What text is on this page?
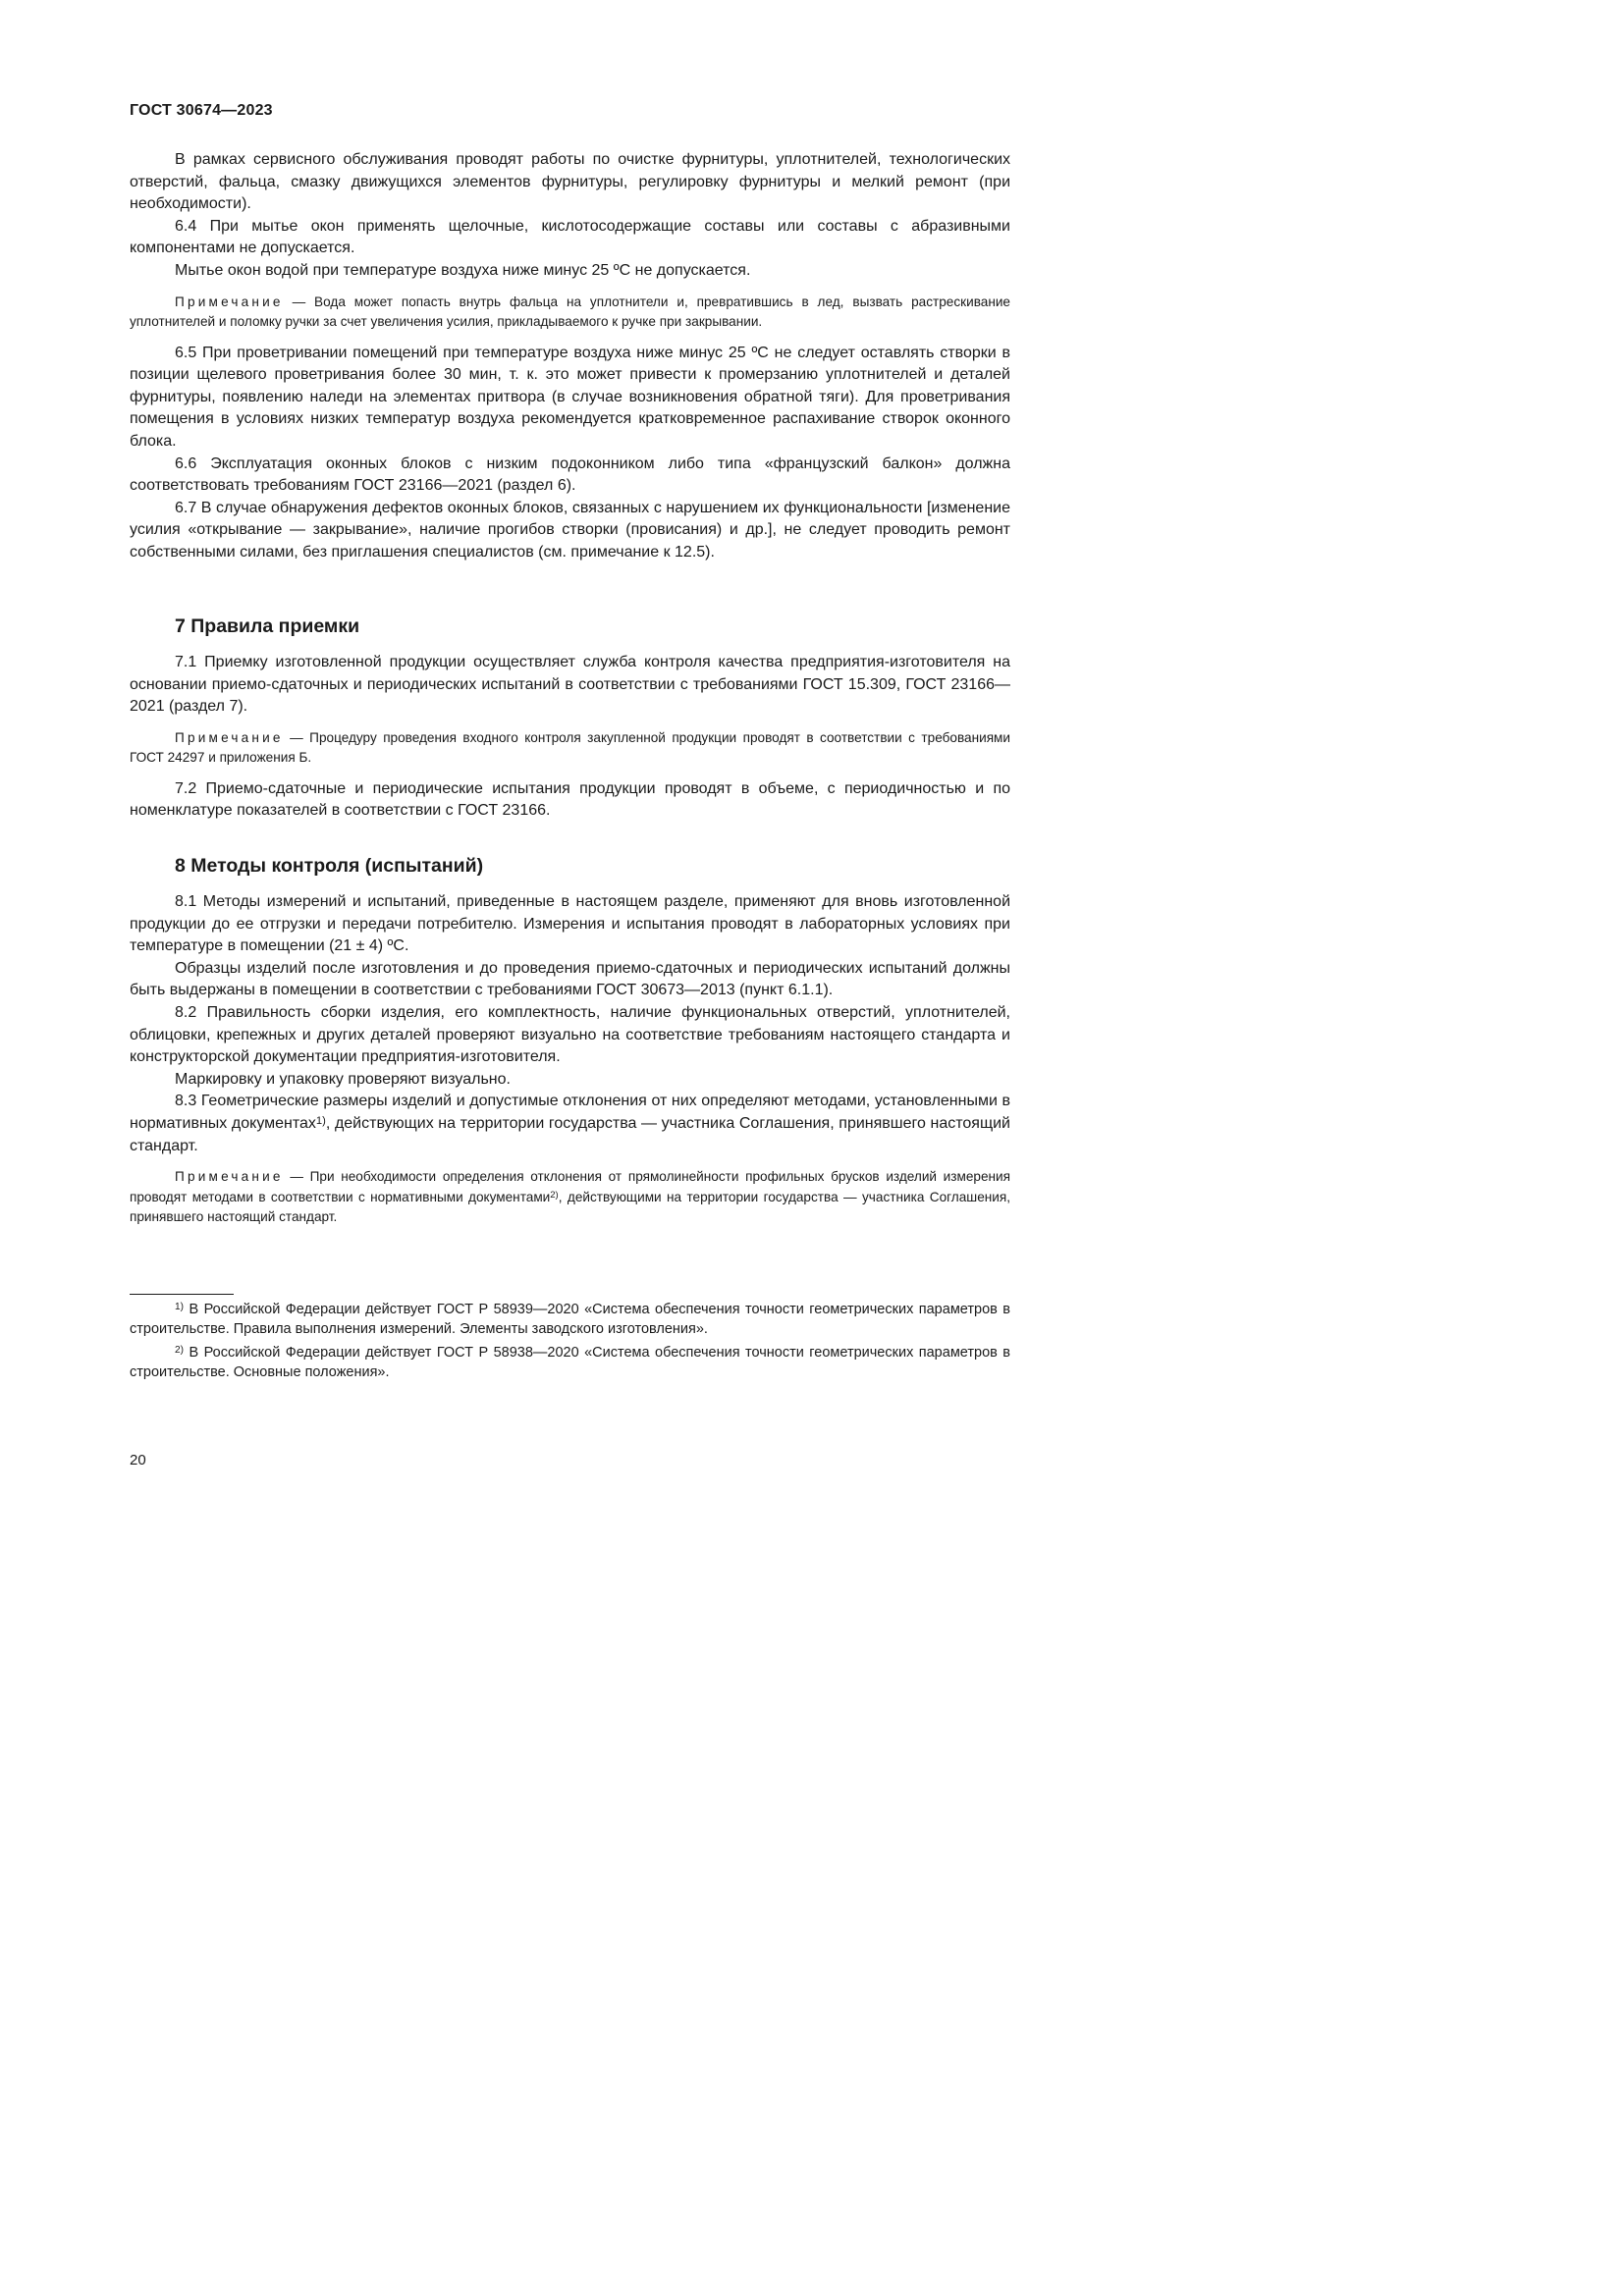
ГОСТ 30674—2023

В рамках сервисного обслуживания проводят работы по очистке фурнитуры, уплотнителей, технологических отверстий, фальца, смазку движущихся элементов фурнитуры, регулировку фурнитуры и мелкий ремонт (при необходимости).

6.4 При мытье окон применять щелочные, кислотосодержащие составы или составы с абразивными компонентами не допускается.

Мытье окон водой при температуре воздуха ниже минус 25 ºС не допускается.

Примечание — Вода может попасть внутрь фальца на уплотнители и, превратившись в лед, вызвать растрескивание уплотнителей и поломку ручки за счет увеличения усилия, прикладываемого к ручке при закрывании.

6.5 При проветривании помещений при температуре воздуха ниже минус 25 ºС не следует оставлять створки в позиции щелевого проветривания более 30 мин, т. к. это может привести к промерзанию уплотнителей и деталей фурнитуры, появлению наледи на элементах притвора (в случае возникновения обратной тяги). Для проветривания помещения в условиях низких температур воздуха рекомендуется кратковременное распахивание створок оконного блока.

6.6 Эксплуатация оконных блоков с низким подоконником либо типа «французский балкон» должна соответствовать требованиям ГОСТ 23166—2021 (раздел 6).

6.7 В случае обнаружения дефектов оконных блоков, связанных с нарушением их функциональности [изменение усилия «открывание — закрывание», наличие прогибов створки (провисания) и др.], не следует проводить ремонт собственными силами, без приглашения специалистов (см. примечание к 12.5).

7 Правила приемки

7.1 Приемку изготовленной продукции осуществляет служба контроля качества предприятия-изготовителя на основании приемо-сдаточных и периодических испытаний в соответствии с требованиями ГОСТ 15.309, ГОСТ 23166—2021 (раздел 7).

Примечание — Процедуру проведения входного контроля закупленной продукции проводят в соответствии с требованиями ГОСТ 24297 и приложения Б.

7.2 Приемо-сдаточные и периодические испытания продукции проводят в объеме, с периодичностью и по номенклатуре показателей в соответствии с ГОСТ 23166.

8 Методы контроля (испытаний)

8.1 Методы измерений и испытаний, приведенные в настоящем разделе, применяют для вновь изготовленной продукции до ее отгрузки и передачи потребителю. Измерения и испытания проводят в лабораторных условиях при температуре в помещении (21 ± 4) ºС.

Образцы изделий после изготовления и до проведения приемо-сдаточных и периодических испытаний должны быть выдержаны в помещении в соответствии с требованиями ГОСТ 30673—2013 (пункт 6.1.1).

8.2 Правильность сборки изделия, его комплектность, наличие функциональных отверстий, уплотнителей, облицовки, крепежных и других деталей проверяют визуально на соответствие требованиям настоящего стандарта и конструкторской документации предприятия-изготовителя.

Маркировку и упаковку проверяют визуально.

8.3 Геометрические размеры изделий и допустимые отклонения от них определяют методами, установленными в нормативных документах$^{1)}$, действующих на территории государства — участника Соглашения, принявшего настоящий стандарт.

Примечание — При необходимости определения отклонения от прямолинейности профильных брусков изделий измерения проводят методами в соответствии с нормативными документами$^{2)}$, действующими на территории государства — участника Соглашения, принявшего настоящий стандарт.

$^{1)}$ В Российской Федерации действует ГОСТ Р 58939—2020 «Система обеспечения точности геометрических параметров в строительстве. Правила выполнения измерений. Элементы заводского изготовления».

$^{2)}$ В Российской Федерации действует ГОСТ Р 58938—2020 «Система обеспечения точности геометрических параметров в строительстве. Основные положения».

20
